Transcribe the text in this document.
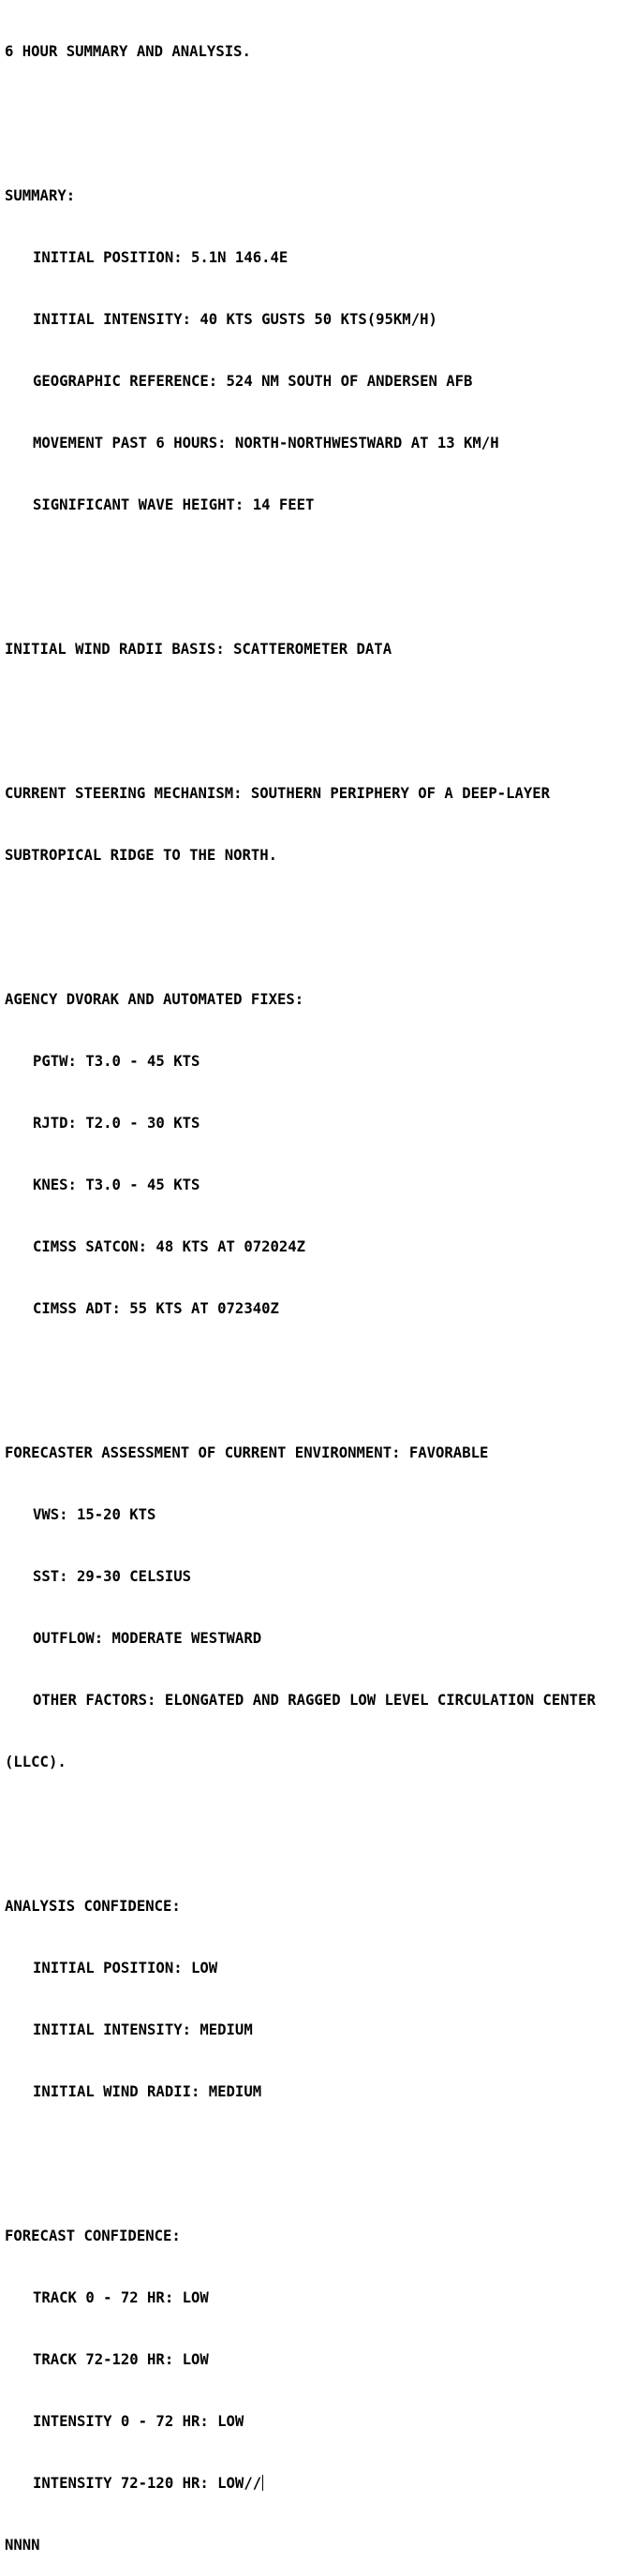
6 HOUR SUMMARY AND ANALYSIS.

SUMMARY:

INITIAL POSITION: 5.1N 146.4E

INITIAL INTENSITY: 40 KTS GUSTS 50 KTS(95KM/H)

GEOGRAPHIC REFERENCE: 524 NM SOUTH OF ANDERSEN AFB

MOVEMENT PAST 6 HOURS: NORTH-NORTHWESTWARD AT 13 KM/H

SIGNIFICANT WAVE HEIGHT: 14 FEET

INITIAL WIND RADII BASIS: SCATTEROMETER DATA

CURRENT STEERING MECHANISM: SOUTHERN PERIPHERY OF A DEEP-LAYER

SUBTROPICAL RIDGE TO THE NORTH.

AGENCY DVORAK AND AUTOMATED FIXES:

PGTW: T3.0 - 45 KTS

RJTD: T2.0 - 30 KTS

KNES: T3.0 - 45 KTS

CIMSS SATCON: 48 KTS AT 072024Z

CIMSS ADT: 55 KTS AT 072340Z

FORECASTER ASSESSMENT OF CURRENT ENVIRONMENT: FAVORABLE

VWS: 15-20 KTS

SST: 29-30 CELSIUS

OUTFLOW: MODERATE WESTWARD

OTHER FACTORS: ELONGATED AND RAGGED LOW LEVEL CIRCULATION CENTER

(LLCC).

ANALYSIS CONFIDENCE:

INITIAL POSITION: LOW

INITIAL INTENSITY: MEDIUM

INITIAL WIND RADII: MEDIUM

FORECAST CONFIDENCE:

TRACK 0 - 72 HR: LOW

TRACK 72-120 HR: LOW

INTENSITY 0 - 72 HR: LOW

INTENSITY 72-120 HR: LOW//

NNNN
